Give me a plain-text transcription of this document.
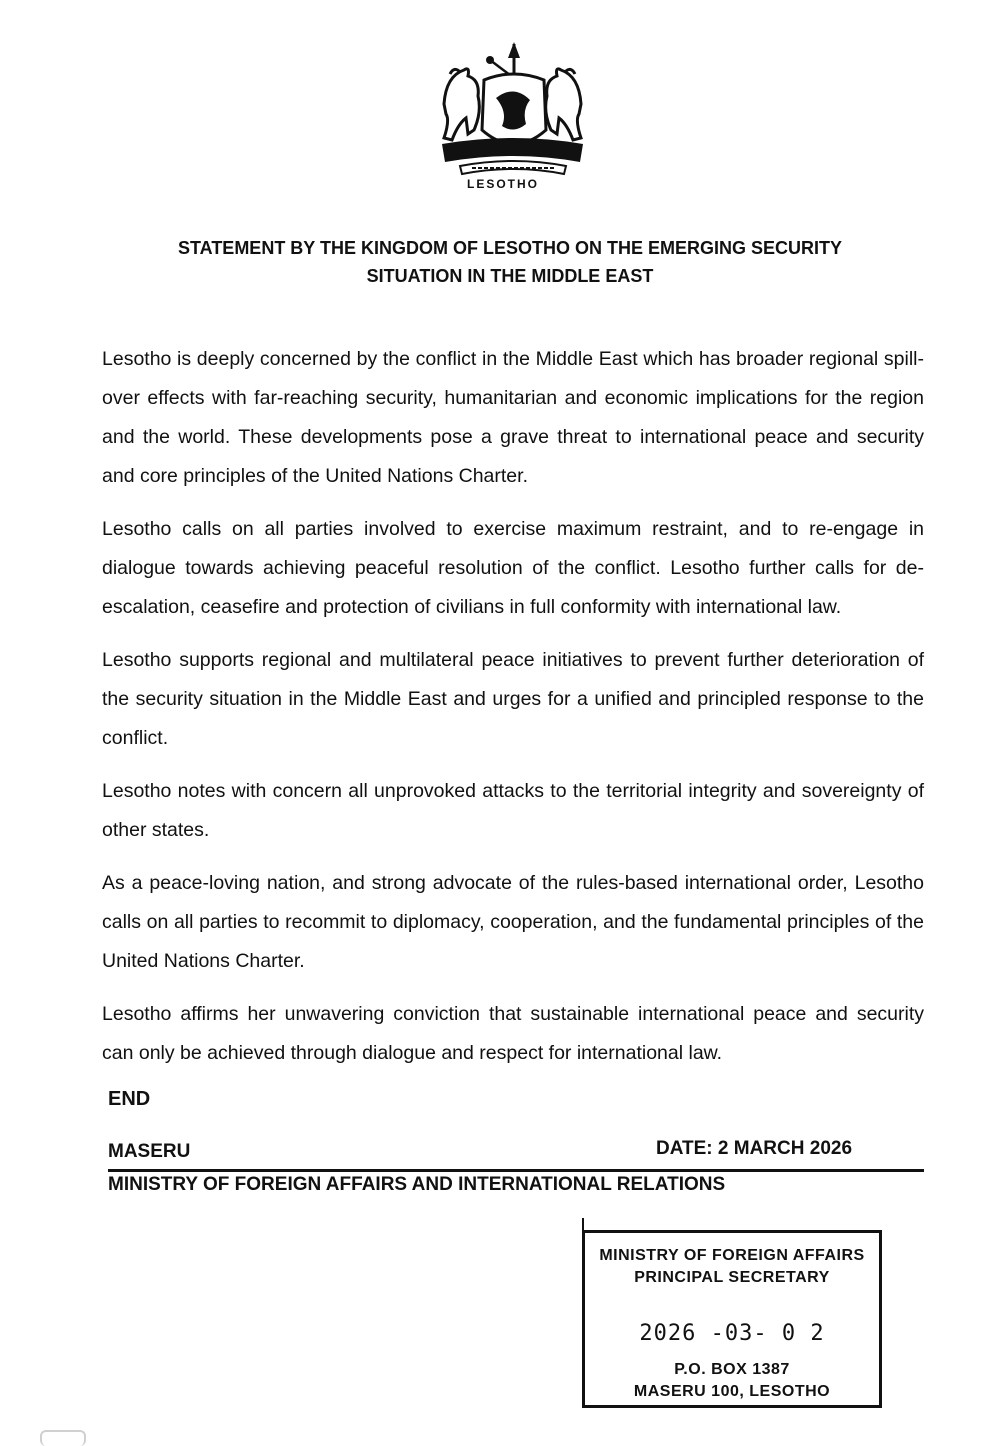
LESOTHO
STATEMENT BY THE KINGDOM OF LESOTHO ON THE EMERGING SECURITY
SITUATION IN THE MIDDLE EAST

Lesotho is deeply concerned by the conflict in the Middle East which has broader regional spill-over effects with far-reaching security, humanitarian and economic implications for the region and the world. These developments pose a grave threat to international peace and security and core principles of the United Nations Charter.

Lesotho calls on all parties involved to exercise maximum restraint, and to re-engage in dialogue towards achieving peaceful resolution of the conflict. Lesotho further calls for de-escalation, ceasefire and protection of civilians in full conformity with international law.

Lesotho supports regional and multilateral peace initiatives to prevent further deterioration of the security situation in the Middle East and urges for a unified and principled response to the conflict.

Lesotho notes with concern all unprovoked attacks to the territorial integrity and sovereignty of other states.

As a peace-loving nation, and strong advocate of the rules-based international order, Lesotho calls on all parties to recommit to diplomacy, cooperation, and the fundamental principles of the United Nations Charter.

Lesotho affirms her unwavering conviction that sustainable international peace and security can only be achieved through dialogue and respect for international law.

END
MASERU	DATE: 2 MARCH 2026
MINISTRY OF FOREIGN AFFAIRS AND INTERNATIONAL RELATIONS
MINISTRY OF FOREIGN AFFAIRS
PRINCIPAL SECRETARY
2026 -03- 0 2
P.O. BOX 1387
MASERU 100, LESOTHO
